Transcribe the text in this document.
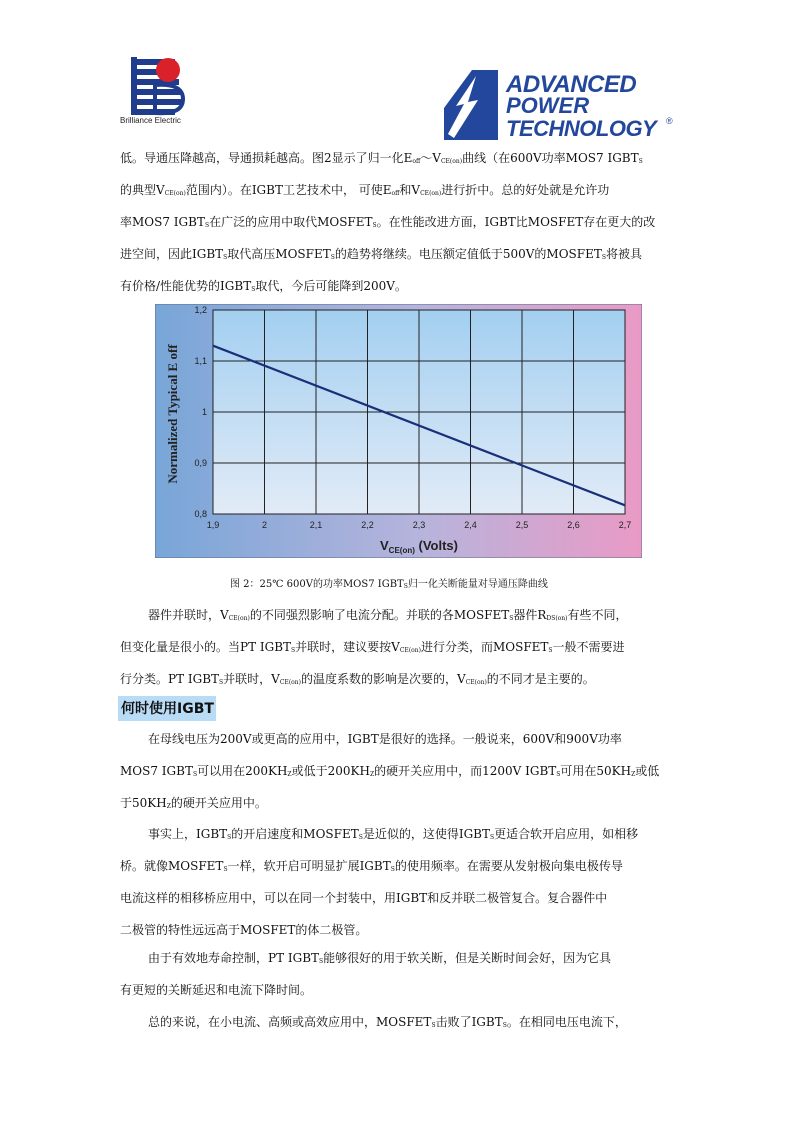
Brilliance Electric
ADVANCED
POWER
TECHNOLOGY	®
低。导通压降越高，导通损耗越高。图2显示了归一化$E_{off}\sim V_{CE(on)}$曲线（在600V功率MOS7 $IGBT_S$
的典型$V_{CE(on)}$范围内）。在IGBT工艺技术中， 可使$E_{off}$和$V_{CE(on)}$进行折中。总的好处就是允许功
率MOS7 $IGBT_S$在广泛的应用中取代$MOSFET_S$。在性能改进方面，IGBT比MOSFET存在更大的改
进空间，因此$IGBT_S$取代高压$MOSFET_S$的趋势将继续。电压额定值低于500V的$MOSFET_S$将被具
有价格/性能优势的$IGBT_S$取代，今后可能降到200V。
1,9	2	2,1	2,2	2,3	2,4	2,5	2,6	2,7
0,8
0,9
1
1,1
1,2
Normalized Typical E off
$V_{CE(on)}$ (Volts)
图 2：25℃ 600V的功率MOS7 $IGBT_S$归一化关断能量对导通压降曲线
器件并联时，$V_{CE(on)}$的不同强烈影响了电流分配。并联的各$MOSFET_S$器件$R_{DS(on)}$有些不同，
但变化量是很小的。当PT $IGBT_S$并联时，建议要按$V_{CE(on)}$进行分类，而$MOSFET_S$一般不需要进
行分类。PT $IGBT_S$并联时，$V_{CE(on)}$的温度系数的影响是次要的，$V_{CE(on)}$的不同才是主要的。
何时使用IGBT
在母线电压为200V或更高的应用中，IGBT是很好的选择。一般说来，600V和900V功率
MOS7 $IGBT_S$可以用在$200KH_Z$或低于$200KH_Z$的硬开关应用中，而1200V $IGBT_S$可用在$50KH_Z$或低
于$50KH_Z$的硬开关应用中。
事实上，$IGBT_S$的开启速度和$MOSFET_S$是近似的，这使得$IGBT_S$更适合软开启应用，如相移
桥。就像$MOSFET_S$一样，软开启可明显扩展$IGBT_S$的使用频率。在需要从发射极向集电极传导
电流这样的相移桥应用中，可以在同一个封装中，用IGBT和反并联二极管复合。复合器件中
二极管的特性远远高于MOSFET的体二极管。
由于有效地寿命控制，PT $IGBT_S$能够很好的用于软关断，但是关断时间会好，因为它具
有更短的关断延迟和电流下降时间。
总的来说，在小电流、高频或高效应用中，$MOSFET_S$击败了$IGBT_S$。在相同电压电流下，
